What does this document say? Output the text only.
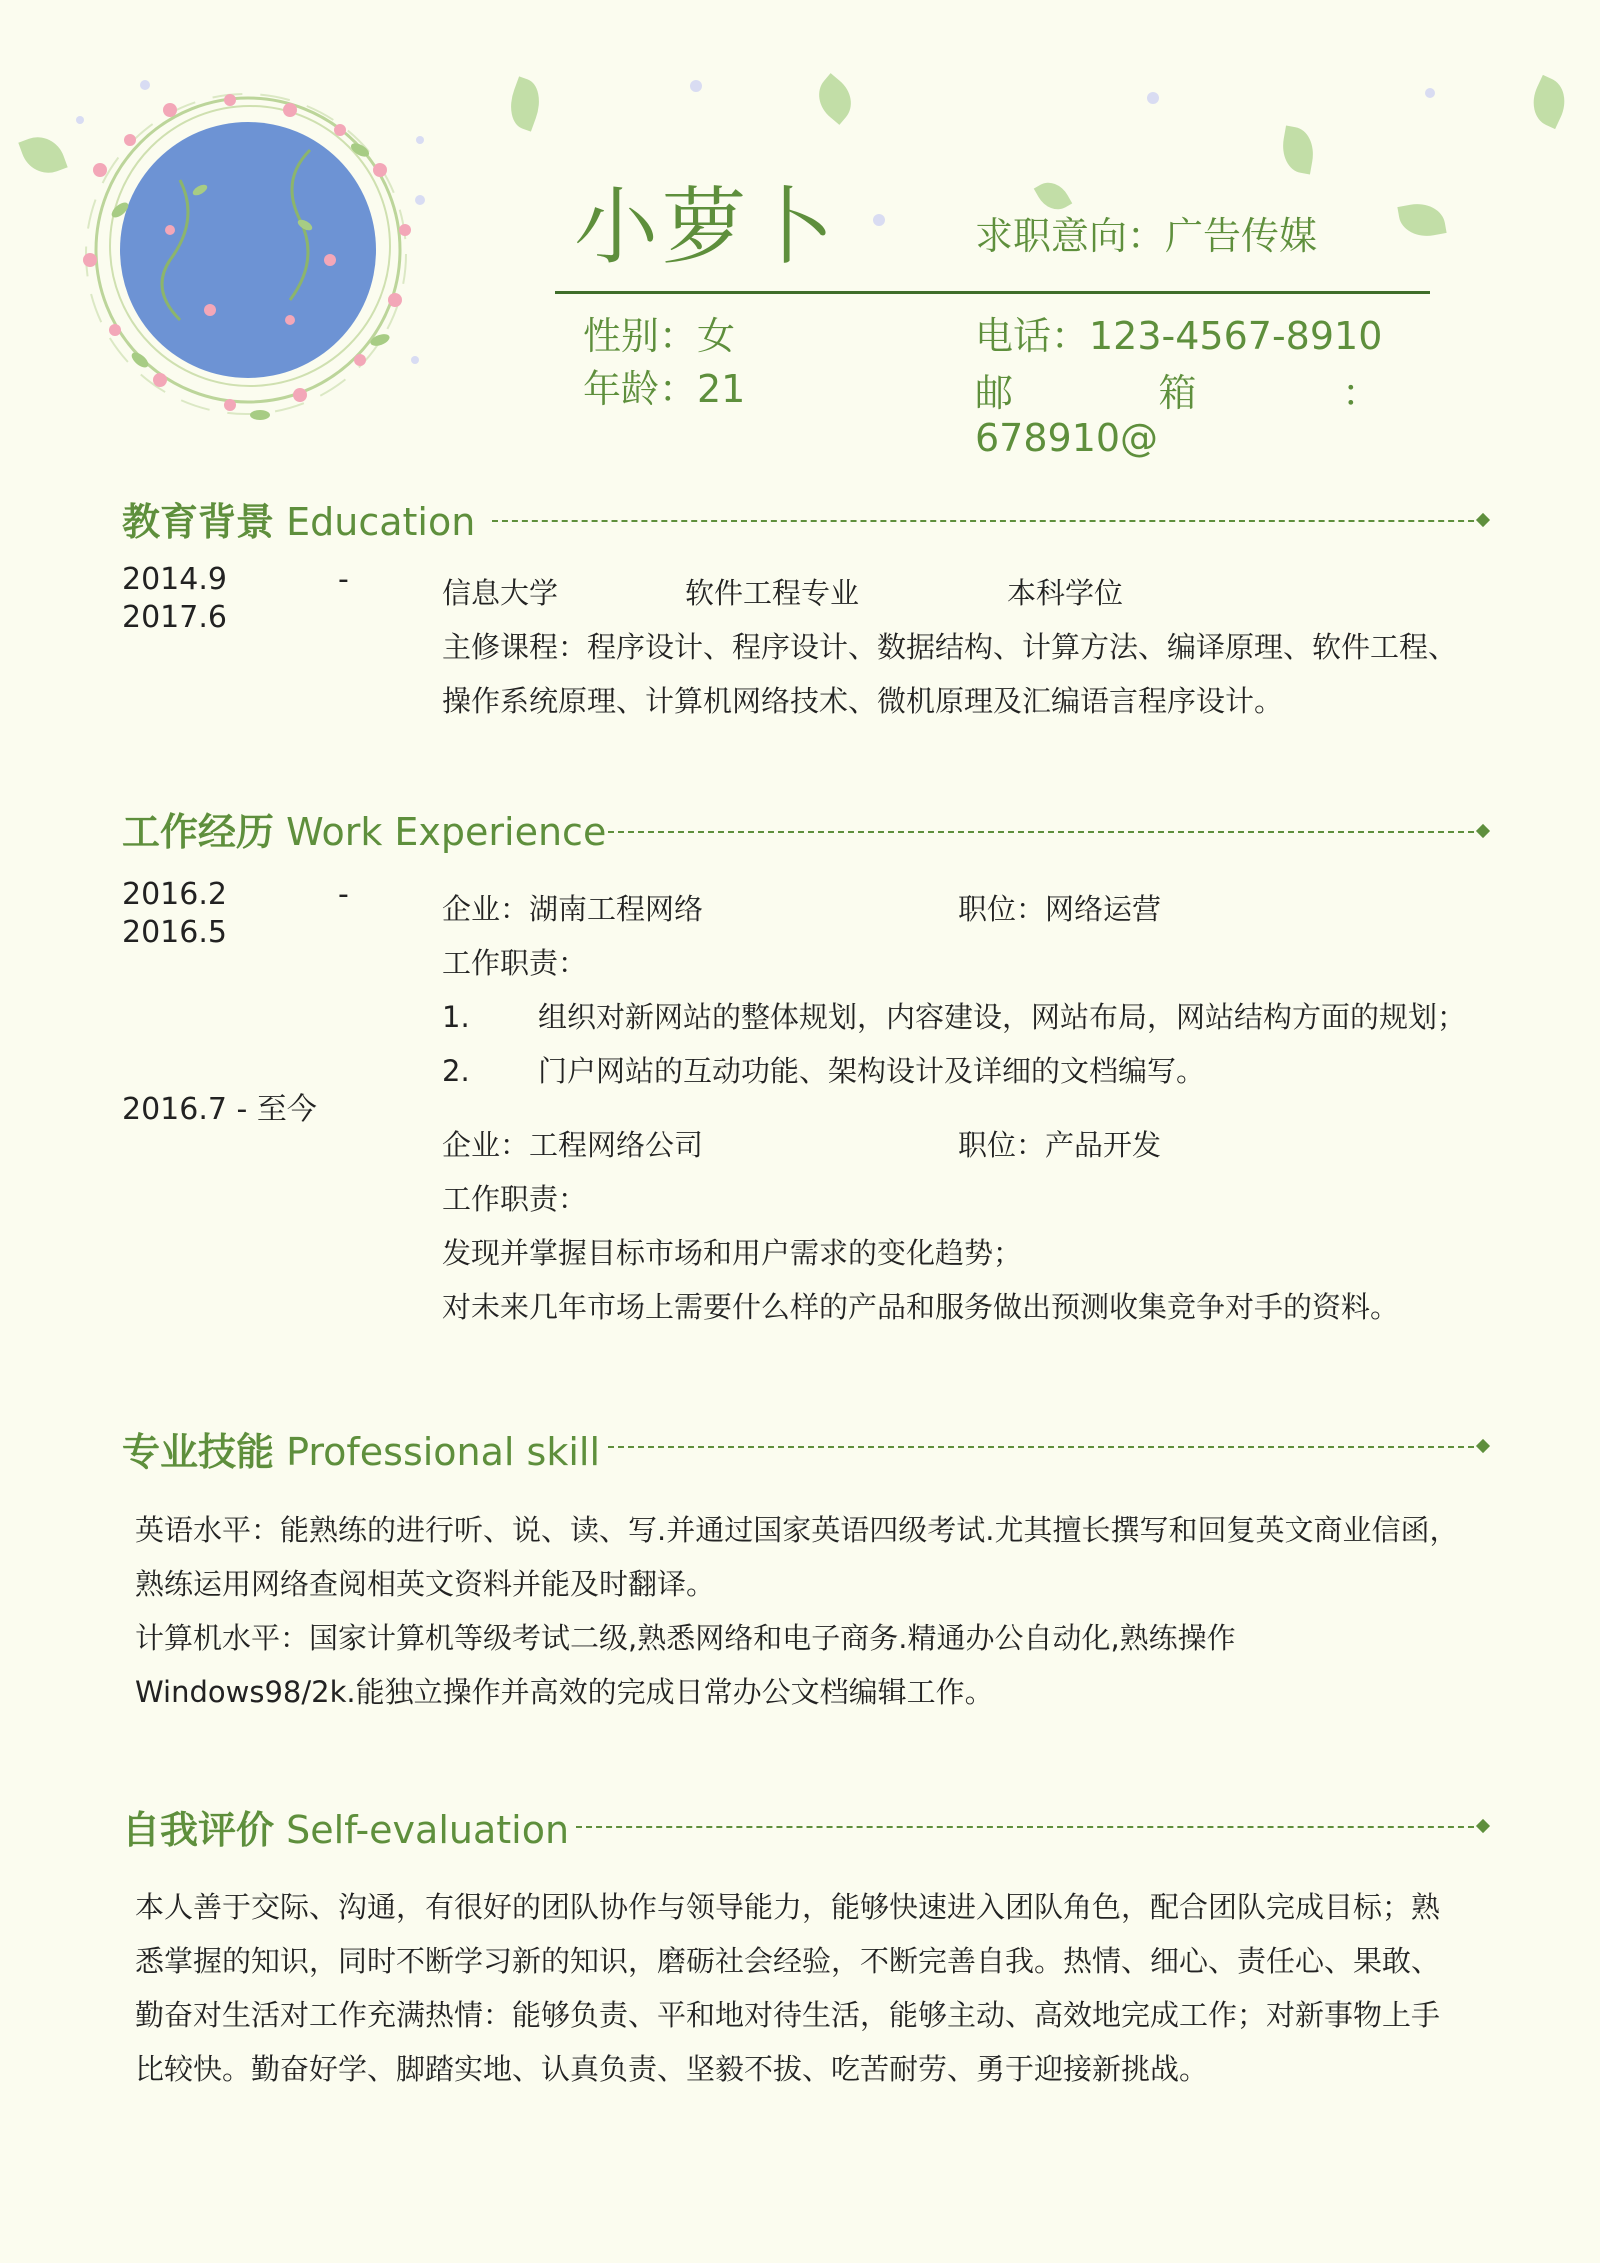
小萝卜	求职意向：广告传媒
性别：女
年龄：21
电话：123-4567-8910
邮	箱	：
678910@
教育背景 Education
2014.9	-
2017.6
信息大学	软件工程专业	本科学位
主修课程：程序设计、程序设计、数据结构、计算方法、编译原理、软件工程、
操作系统原理、计算机网络技术、微机原理及汇编语言程序设计。
工作经历 Work Experience
2016.2	-
2016.5
企业：湖南工程网络	职位：网络运营
工作职责：
1. 组织对新网站的整体规划，内容建设，网站布局，网站结构方面的规划；
2. 门户网站的互动功能、架构设计及详细的文档编写。
2016.7 - 至今
企业：工程网络公司	职位：产品开发
工作职责：
发现并掌握目标市场和用户需求的变化趋势；
对未来几年市场上需要什么样的产品和服务做出预测收集竞争对手的资料。
专业技能 Professional skill
英语水平：能熟练的进行听、说、读、写.并通过国家英语四级考试.尤其擅长撰写和回复英文商业信函，
熟练运用网络查阅相英文资料并能及时翻译。
计算机水平：国家计算机等级考试二级,熟悉网络和电子商务.精通办公自动化,熟练操作
Windows98/2k.能独立操作并高效的完成日常办公文档编辑工作。
自我评价 Self-evaluation
本人善于交际、沟通，有很好的团队协作与领导能力，能够快速进入团队角色，配合团队完成目标；熟
悉掌握的知识，同时不断学习新的知识，磨砺社会经验，不断完善自我。热情、细心、责任心、果敢、
勤奋对生活对工作充满热情：能够负责、平和地对待生活，能够主动、高效地完成工作；对新事物上手
比较快。勤奋好学、脚踏实地、认真负责、坚毅不拔、吃苦耐劳、勇于迎接新挑战。
